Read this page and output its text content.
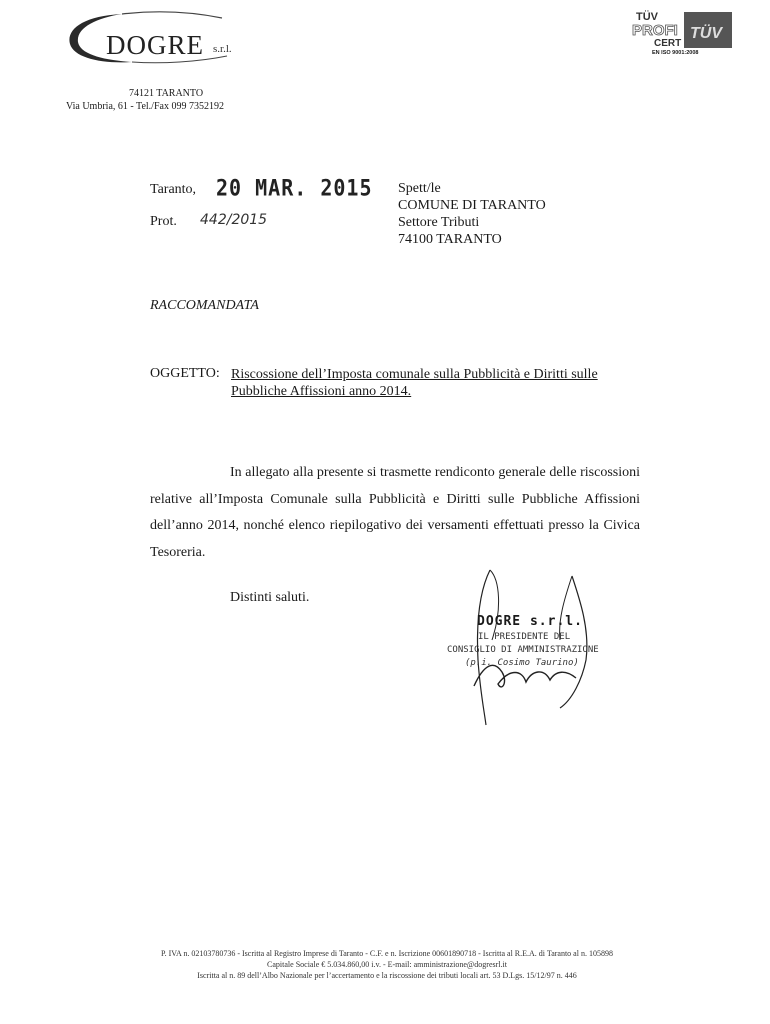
DOGRE s.r.l.
74121 TARANTO
Via Umbria, 61 - Tel./Fax 099 7352192
TÜV
PROFI
CERT
TÜV
EN ISO 9001:2008
Taranto, 20 MAR. 2015
Prot. 442/2015
Spett/le
COMUNE DI TARANTO
Settore Tributi
74100 TARANTO
RACCOMANDATA
OGGETTO: Riscossione dell’Imposta comunale sulla Pubblicità e Diritti sulle Pubbliche Affissioni anno 2014.
In allegato alla presente si trasmette rendiconto generale delle riscossioni relative all’Imposta Comunale sulla Pubblicità e Diritti sulle Pubbliche Affissioni dell’anno 2014, nonché elenco riepilogativo dei versamenti effettuati presso la Civica Tesoreria.
Distinti saluti.
DOGRE s.r.l.
IL PRESIDENTE DEL
CONSIGLIO DI AMMINISTRAZIONE
(p.i. Cosimo Taurino)
P. IVA n. 02103780736 - Iscritta al Registro Imprese di Taranto - C.F. e n. Iscrizione 00601890718 - Iscritta al R.E.A. di Taranto al n. 105898
Capitale Sociale € 5.034.860,00 i.v. - E-mail: amministrazione@dogresrl.it
Iscritta al n. 89 dell’Albo Nazionale per l’accertamento e la riscossione dei tributi locali art. 53 D.Lgs. 15/12/97 n. 446
